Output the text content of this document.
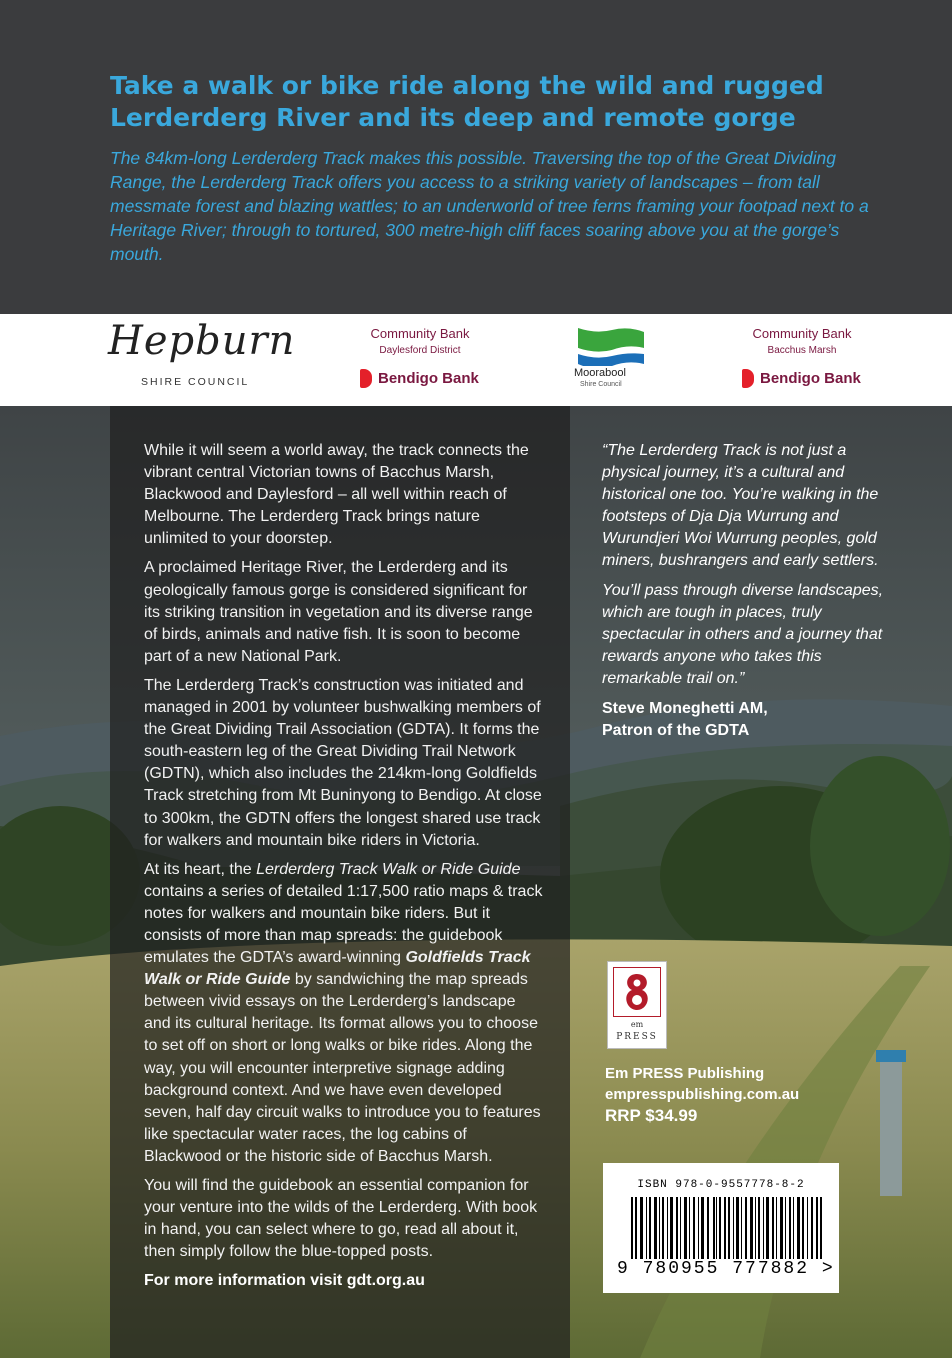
Take a walk or bike ride along the wild and rugged
Lerderderg River and its deep and remote gorge

The 84km-long Lerderderg Track makes this possible. Traversing the top of the Great Dividing Range, the Lerderderg Track offers you access to a striking variety of landscapes – from tall messmate forest and blazing wattles; to an underworld of tree ferns framing your footpad next to a Heritage River; through to tortured, 300 metre-high cliff faces soaring above you at the gorge’s mouth.

Hepburn
SHIRE COUNCIL
Community Bank
Daylesford District
Bendigo Bank	Moorabool
Shire Council
Community Bank
Bacchus Marsh
Bendigo Bank

While it will seem a world away, the track connects the vibrant central Victorian towns of Bacchus Marsh, Blackwood and Daylesford – all well within reach of Melbourne. The Lerderderg Track brings nature unlimited to your doorstep.

A proclaimed Heritage River, the Lerderderg and its geologically famous gorge is considered significant for its striking transition in vegetation and its diverse range of birds, animals and native fish. It is soon to become part of a new National Park.

The Lerderderg Track’s construction was initiated and managed in 2001 by volunteer bushwalking members of the Great Dividing Trail Association (GDTA). It forms the south-eastern leg of the Great Dividing Trail Network (GDTN), which also includes the 214km-long Goldfields Track stretching from Mt Buninyong to Bendigo. At close to 300km, the GDTN offers the longest shared use track for walkers and mountain bike riders in Victoria.

At its heart, the Lerderderg Track Walk or Ride Guide contains a series of detailed 1:17,500 ratio maps & track notes for walkers and mountain bike riders. But it consists of more than map spreads: the guidebook emulates the GDTA’s award-winning Goldfields Track Walk or Ride Guide by sandwiching the map spreads between vivid essays on the Lerderderg’s landscape and its cultural heritage. Its format allows you to choose to set off on short or long walks or bike rides. Along the way, you will encounter interpretive signage adding background context. And we have even developed seven, half day circuit walks to introduce you to features like spectacular water races, the log cabins of Blackwood or the historic side of Bacchus Marsh.

You will find the guidebook an essential companion for your venture into the wilds of the Lerderderg. With book in hand, you can select where to go, read all about it, then simply follow the blue-topped posts.

For more information visit gdt.org.au

“The Lerderderg Track is not just a physical journey, it’s a cultural and historical one too. You’re walking in the footsteps of Dja Dja Wurrung and Wurundjeri Woi Wurrung peoples, gold miners, bushrangers and early settlers.

You’ll pass through diverse landscapes, which are tough in places, truly spectacular in others and a journey that rewards anyone who takes this remarkable trail on.”

Steve Moneghetti AM,
Patron of the GDTA
em
PRESS
Em PRESS Publishing
empresspublishing.com.au
RRP $34.99
ISBN 978-0-9557778-8-2
9 780955 777882 >
